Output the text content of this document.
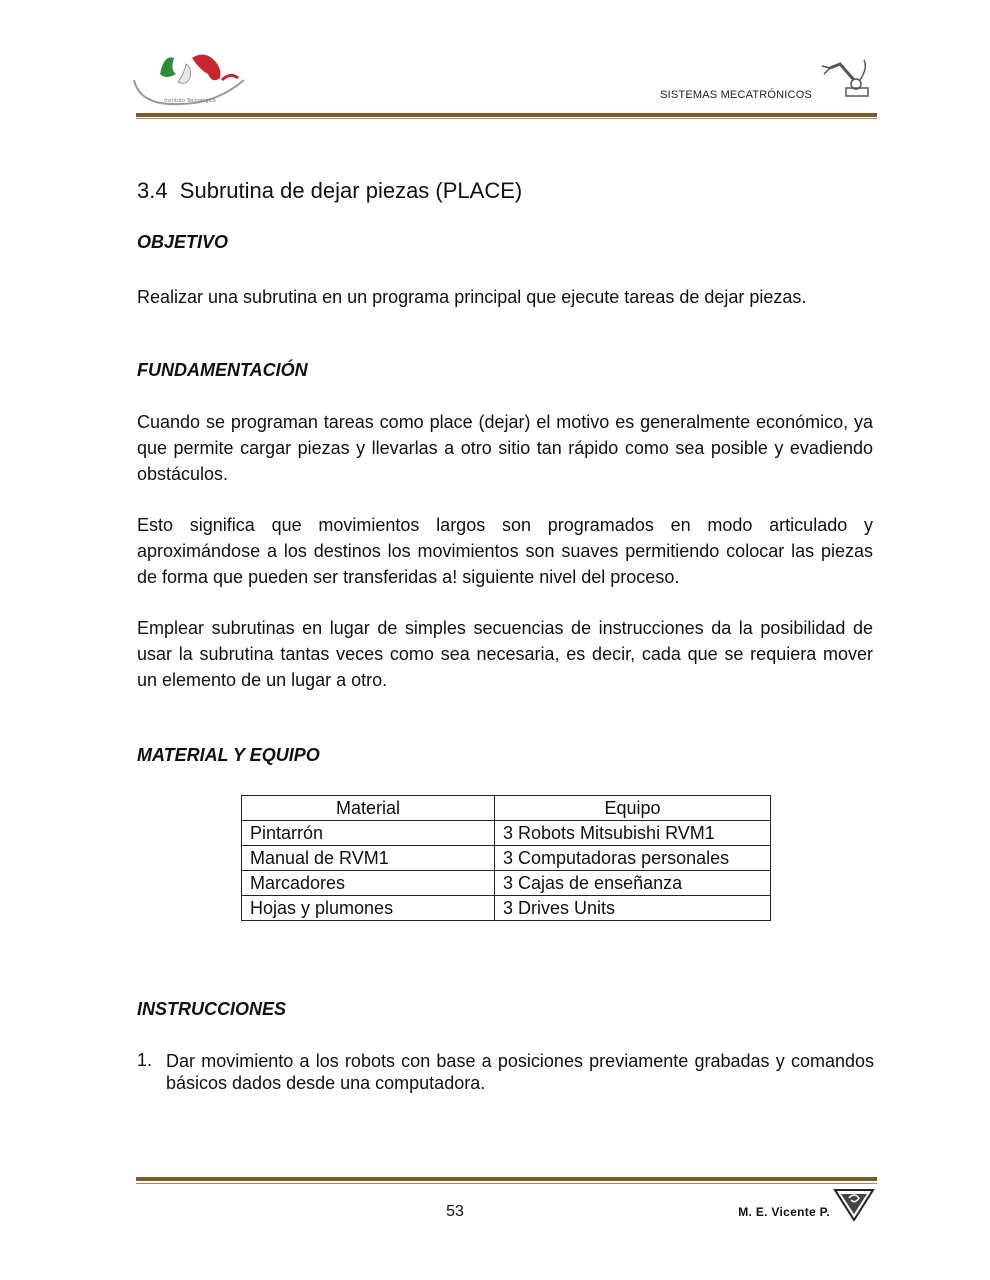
Instituto Tecnológico	SISTEMAS MECATRÓNICOS
3.4  Subrutina de dejar piezas (PLACE)
OBJETIVO
Realizar una subrutina en un programa principal que ejecute tareas de dejar piezas.
FUNDAMENTACIÓN
Cuando se programan tareas como place (dejar) el motivo es generalmente económico, ya que permite cargar piezas y llevarlas a otro sitio tan rápido como sea posible y evadiendo obstáculos.
Esto significa que movimientos largos son programados en modo articulado y aproximándose a los destinos los movimientos son suaves permitiendo colocar las piezas de forma que pueden ser transferidas a! siguiente nivel del proceso.
Emplear subrutinas en lugar de simples secuencias de instrucciones da la posibilidad de usar la subrutina tantas veces como sea necesaria, es decir, cada que se requiera mover un elemento de un lugar a otro.
MATERIAL Y EQUIPO
Material	Equipo
Pintarrón	3 Robots Mitsubishi RVM1
Manual de RVM1	3 Computadoras personales
Marcadores	3 Cajas de enseñanza
Hojas y plumones	3 Drives Units
INSTRUCCIONES
1. Dar movimiento a los robots con base a posiciones previamente grabadas y comandos básicos dados desde una computadora.
53	M. E. Vicente P.
